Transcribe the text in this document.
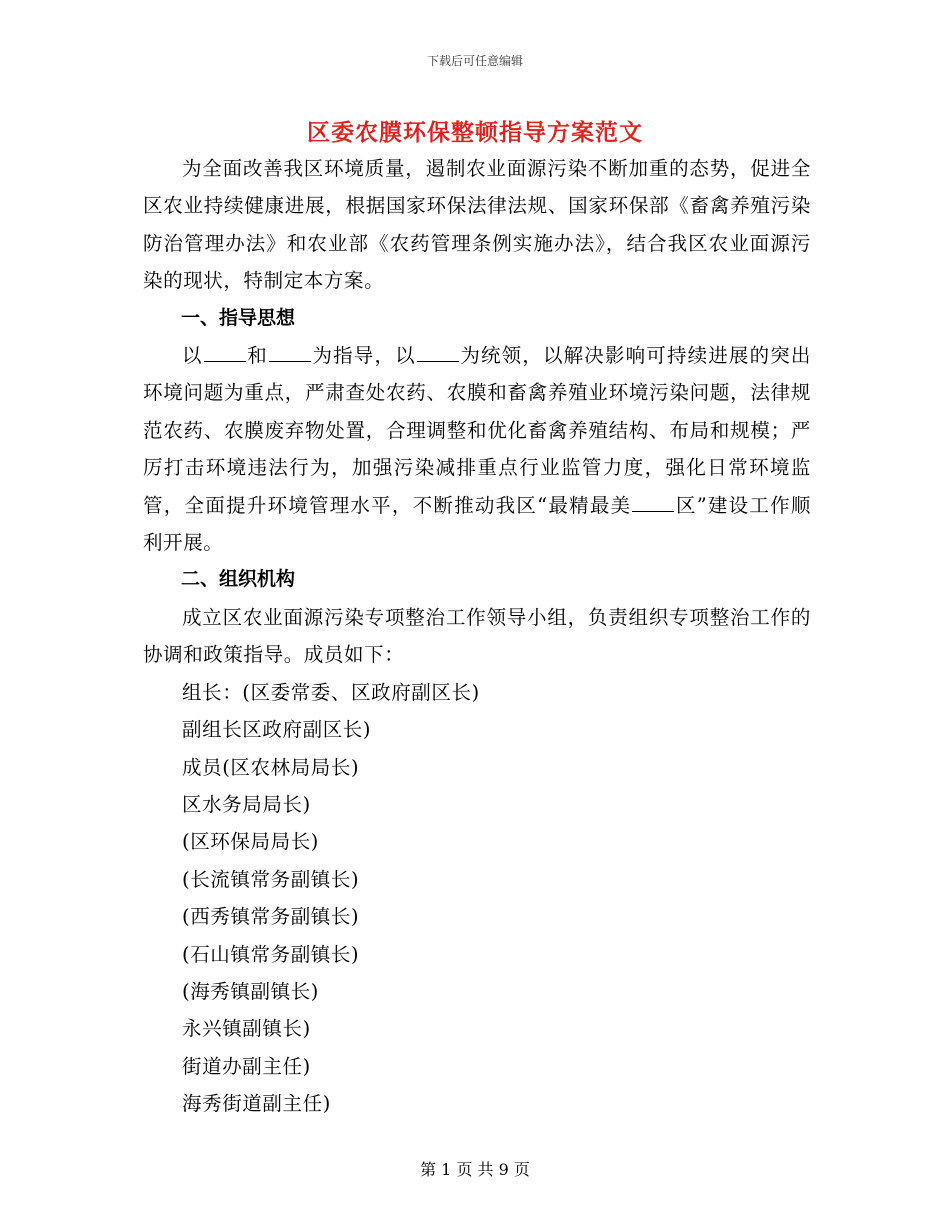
下载后可任意编辑
区委农膜环保整顿指导方案范文

为全面改善我区环境质量，遏制农业面源污染不断加重的态势，促进全区农业持续健康进展，根据国家环保法律法规、国家环保部《畜禽养殖污染防治管理办法》和农业部《农药管理条例实施办法》，结合我区农业面源污染的现状，特制定本方案。

一、指导思想

以 和 为指导，以 为统领，以解决影响可持续进展的突出环境问题为重点，严肃查处农药、农膜和畜禽养殖业环境污染问题，法律规范农药、农膜废弃物处置，合理调整和优化畜禽养殖结构、布局和规模；严厉打击环境违法行为，加强污染减排重点行业监管力度，强化日常环境监管，全面提升环境管理水平，不断推动我区“最精最美 区”建设工作顺利开展。

二、组织机构

成立区农业面源污染专项整治工作领导小组，负责组织专项整治工作的协调和政策指导。成员如下：

组长：(区委常委、区政府副区长)

副组长区政府副区长)

成员(区农林局局长)

区水务局局长)

(区环保局局长)

(长流镇常务副镇长)

(西秀镇常务副镇长)

(石山镇常务副镇长)

(海秀镇副镇长)

永兴镇副镇长)

街道办副主任)

海秀街道副主任)

第 1 页 共 9 页
